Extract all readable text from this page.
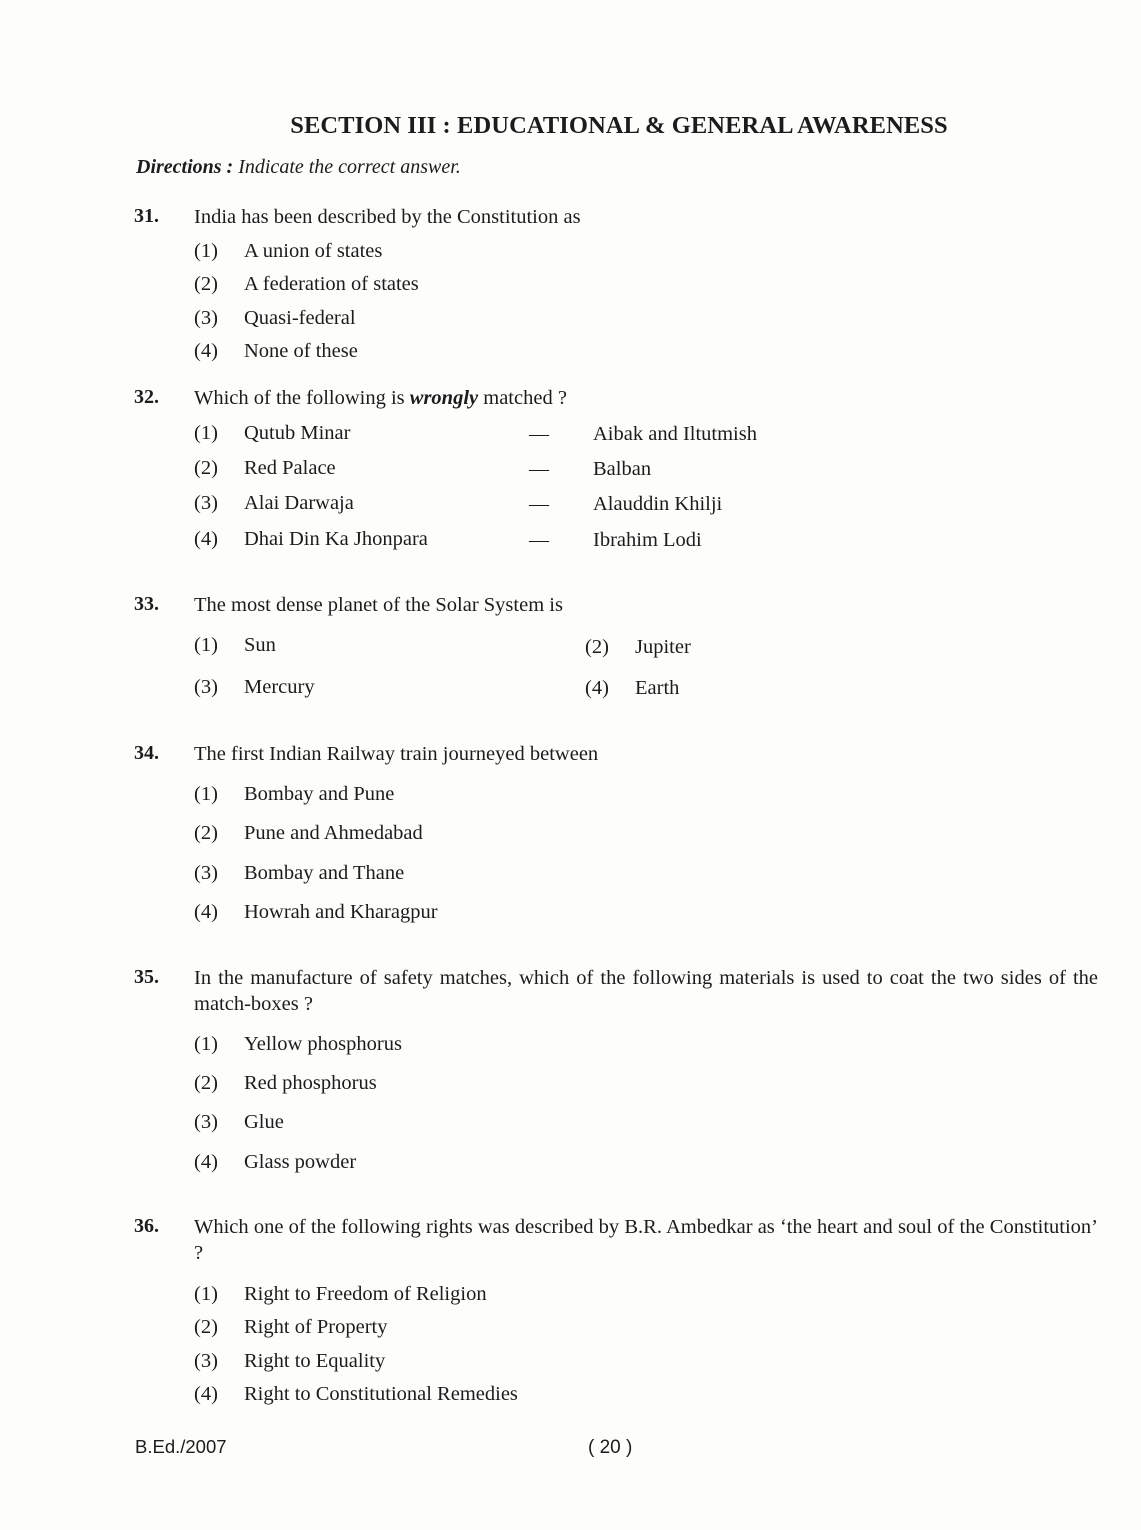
SECTION III : EDUCATIONAL & GENERAL AWARENESS
Directions : Indicate the correct answer.
31. India has been described by the Constitution as
(1) A union of states
(2) A federation of states
(3) Quasi-federal
(4) None of these
32. Which of the following is wrongly matched ?
(1) Qutub Minar	— Aibak and Iltutmish
(2) Red Palace	— Balban
(3) Alai Darwaja	— Alauddin Khilji
(4) Dhai Din Ka Jhonpara	— Ibrahim Lodi
33. The most dense planet of the Solar System is
(1) Sun	(2) Jupiter
(3) Mercury	(4) Earth
34. The first Indian Railway train journeyed between
(1) Bombay and Pune
(2) Pune and Ahmedabad
(3) Bombay and Thane
(4) Howrah and Kharagpur
35. In the manufacture of safety matches, which of the following materials is used to coat the two sides of the match-boxes ?
(1) Yellow phosphorus
(2) Red phosphorus
(3) Glue
(4) Glass powder
36. Which one of the following rights was described by B.R. Ambedkar as ‘the heart and soul of the Constitution’ ?
(1) Right to Freedom of Religion
(2) Right of Property
(3) Right to Equality
(4) Right to Constitutional Remedies
B.Ed./2007	( 20 )
